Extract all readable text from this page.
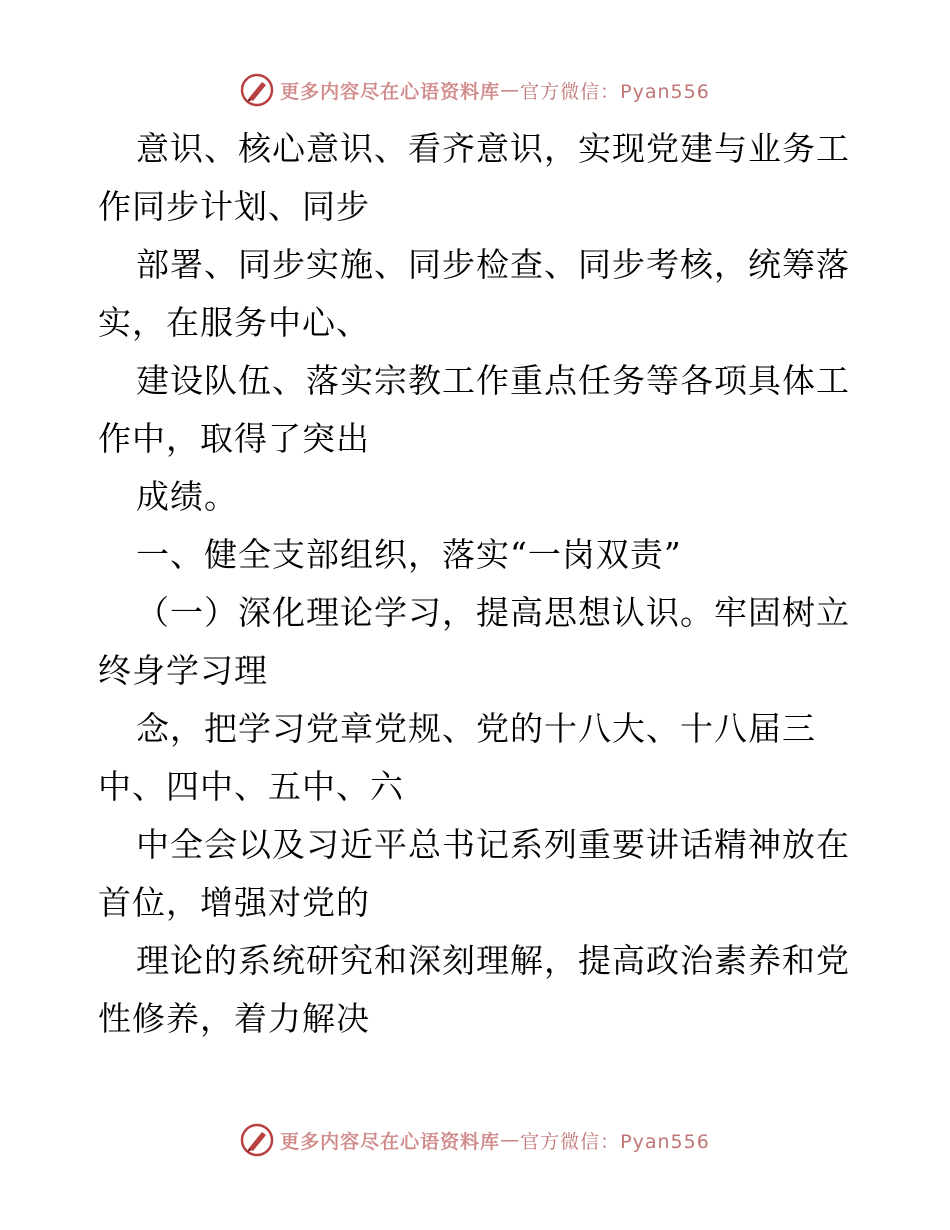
更多内容尽在心语资料库 — 官方微信：Pyan556
意识、核心意识、看齐意识，实现党建与业务工
作同步计划、同步
部署、同步实施、同步检查、同步考核，统筹落
实，在服务中心、
建设队伍、落实宗教工作重点任务等各项具体工
作中，取得了突出
成绩。
一、健全支部组织，落实“一岗双责”
（一）深化理论学习，提高思想认识。牢固树立
终身学习理
念，把学习党章党规、党的十八大、十八届三
中、四中、五中、六
中全会以及习近平总书记系列重要讲话精神放在
首位，增强对党的
理论的系统研究和深刻理解，提高政治素养和党
性修养，着力解决
更多内容尽在心语资料库 — 官方微信：Pyan556
